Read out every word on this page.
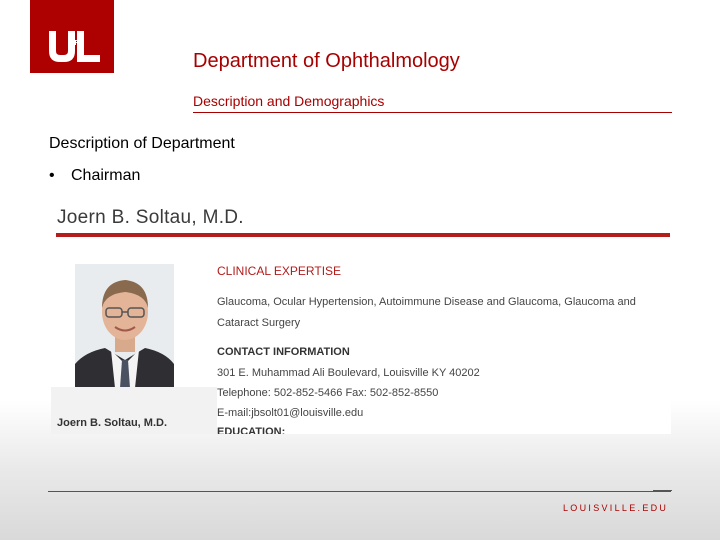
OF
Department of Ophthalmology
Description and Demographics
Description of Department
• Chairman
Joern B. Soltau, M.D.
Joern B. Soltau, M.D.
CLINICAL EXPERTISE
Glaucoma, Ocular Hypertension, Autoimmune Disease and Glaucoma, Glaucoma and Cataract Surgery
CONTACT INFORMATION
301 E. Muhammad Ali Boulevard, Louisville KY 40202
Telephone: 502-852-5466 Fax: 502-852-8550
E-mail:jbsolt01@louisville.edu
EDUCATION:
LOUISVILLE.EDU
